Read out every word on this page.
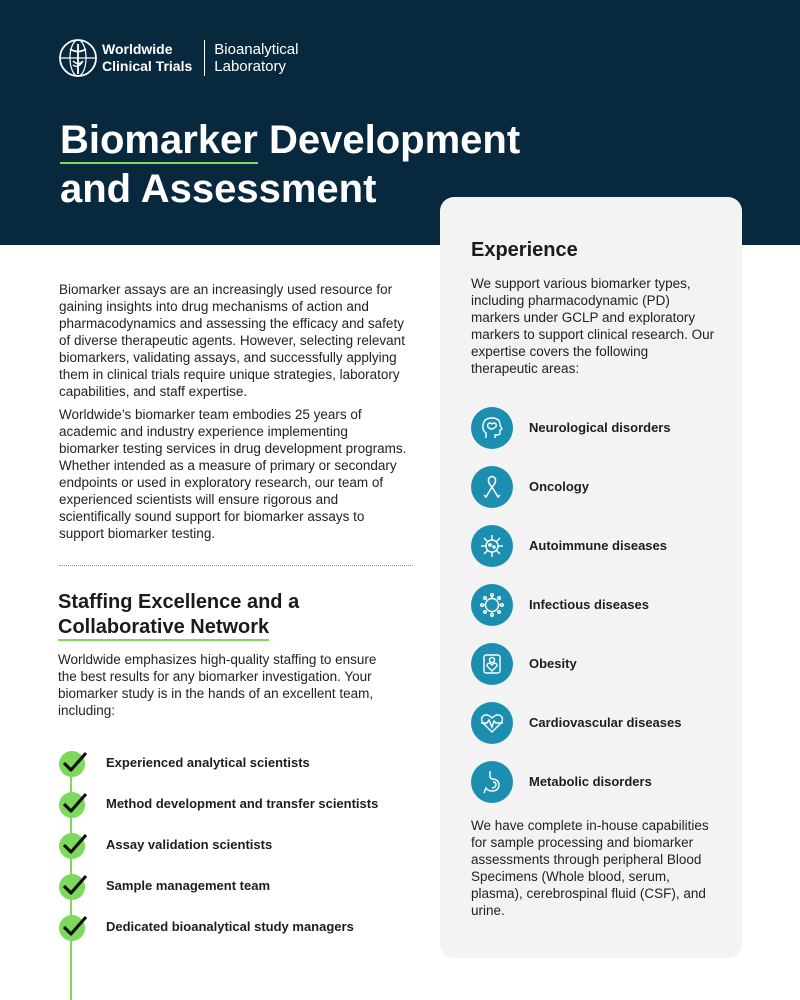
Worldwide
Clinical Trials
Bioanalytical
Laboratory
Biomarker Development
and Assessment

Biomarker assays are an increasingly used resource for gaining insights into drug mechanisms of action and pharmacodynamics and assessing the efficacy and safety of diverse therapeutic agents. However, selecting relevant biomarkers, validating assays, and successfully applying them in clinical trials require unique strategies, laboratory capabilities, and staff expertise.

Worldwide’s biomarker team embodies 25 years of academic and industry experience implementing biomarker testing services in drug development programs. Whether intended as a measure of primary or secondary endpoints or used in exploratory research, our team of experienced scientists will ensure rigorous and scientifically sound support for biomarker assays to support biomarker testing.

Staffing Excellence and a
Collaborative Network

Worldwide emphasizes high-quality staffing to ensure the best results for any biomarker investigation. Your biomarker study is in the hands of an excellent team, including:

Experienced analytical scientists
Method development and transfer scientists
Assay validation scientists
Sample management team
Dedicated bioanalytical study managers
Experience

We support various biomarker types, including pharmacodynamic (PD) markers under GCLP and exploratory markers to support clinical research. Our expertise covers the following therapeutic areas:

Neurological disorders
Oncology
Autoimmune diseases
Infectious diseases
Obesity
Cardiovascular diseases
Metabolic disorders

We have complete in-house capabilities for sample processing and biomarker assessments through peripheral Blood Specimens (Whole blood, serum, plasma), cerebrospinal fluid (CSF), and urine.
